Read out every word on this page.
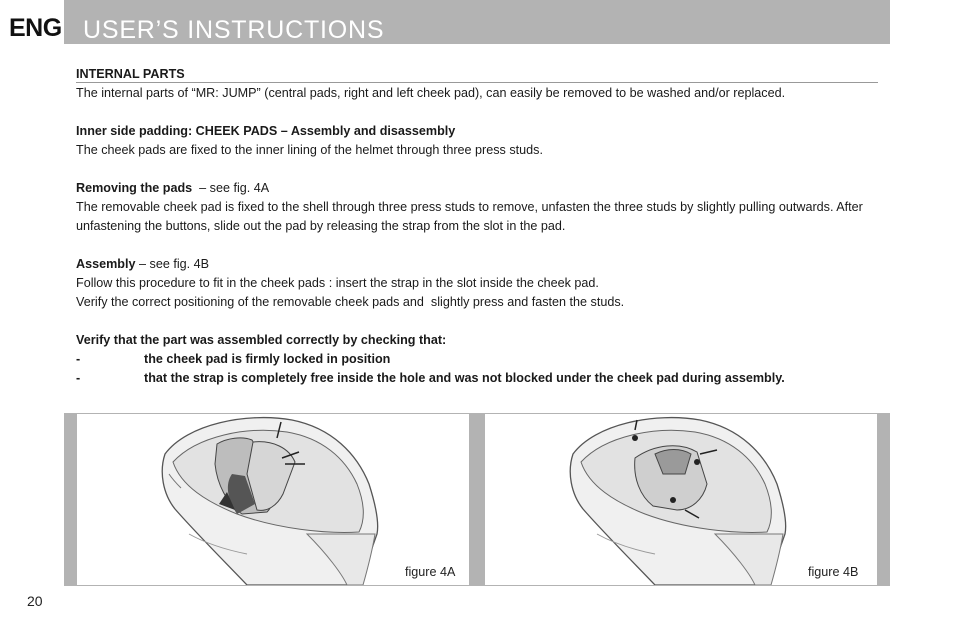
ENG USER’S INSTRUCTIONS
INTERNAL PARTS

The internal parts of “MR: JUMP” (central pads, right and left cheek pad), can easily be removed to be washed and/or replaced.

Inner side padding: CHEEK PADS – Assembly and disassembly

The cheek pads are fixed to the inner lining of the helmet through three press studs.

Removing the pads  – see fig. 4A

The removable cheek pad is fixed to the shell through three press studs to remove, unfasten the three studs by slightly pulling outwards. After unfastening the buttons, slide out the pad by releasing the strap from the slot in the pad.

Assembly – see fig. 4B

Follow this procedure to fit in the cheek pads : insert the strap in the slot inside the cheek pad.

Verify the correct positioning of the removable cheek pads and  slightly press and fasten the studs.

Verify that the part was assembled correctly by checking that:
-	the cheek pad is firmly locked in position
-	that the strap is completely free inside the hole and was not blocked under the cheek pad during assembly.
figure 4A	figure 4B
20
